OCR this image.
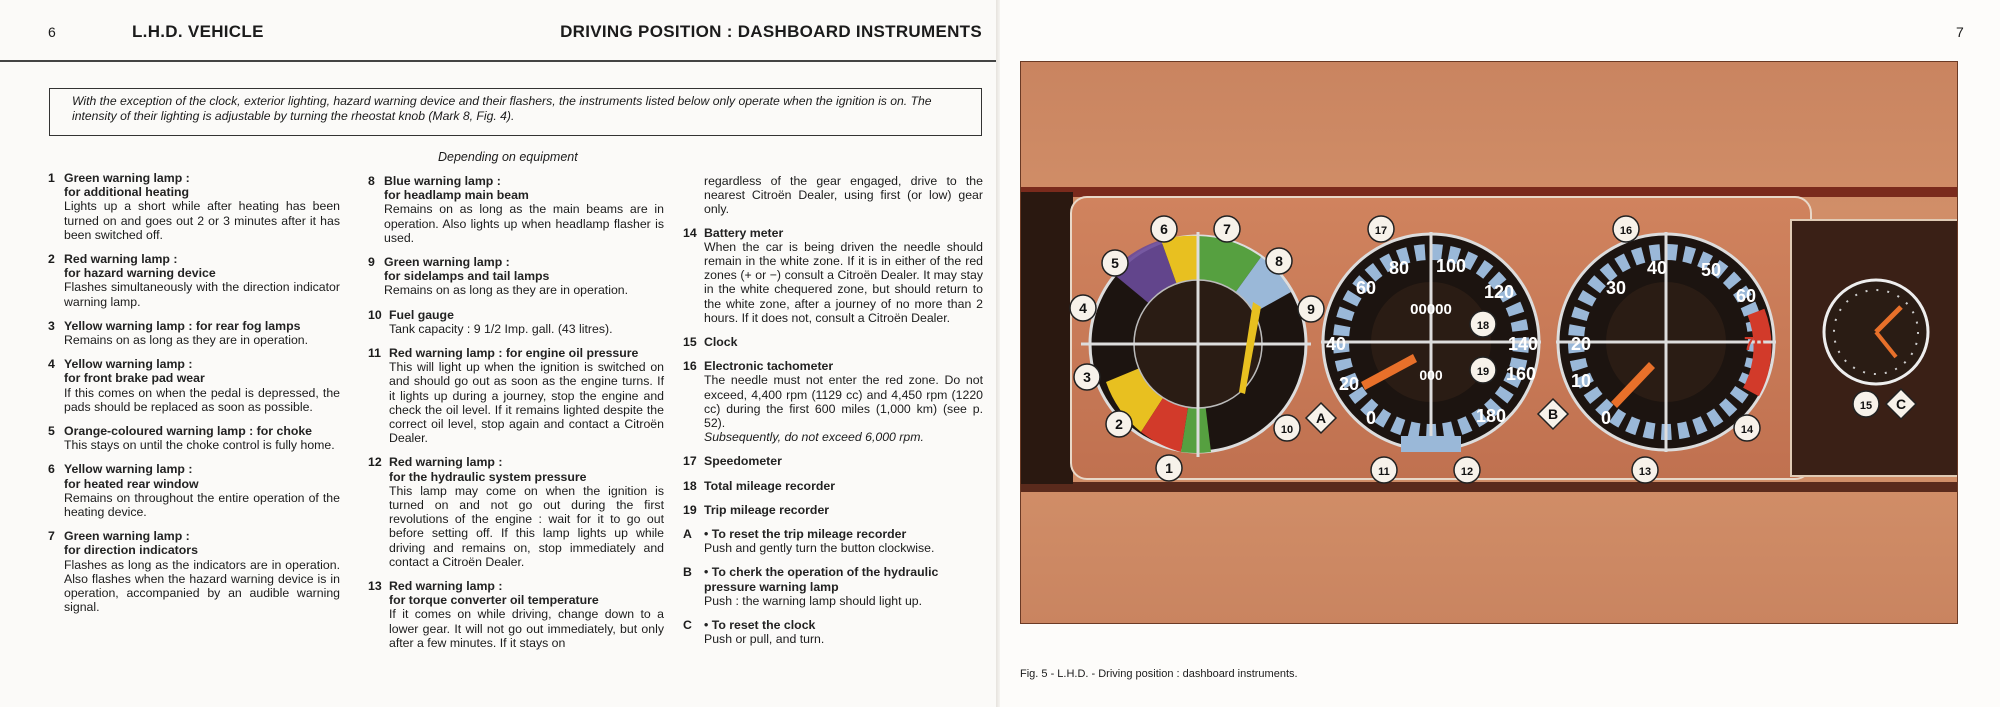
6	L.H.D. VEHICLE	DRIVING POSITION : DASHBOARD INSTRUMENTS
With the exception of the clock, exterior lighting, hazard warning device and their flashers, the instruments listed below only operate when the ignition is on. The intensity of their lighting is adjustable by turning the rheostat knob (Mark 8, Fig. 4).
Depending on equipment
1 Green warning lamp :
for additional heating
Lights up a short while after heating has been turned on and goes out 2 or 3 minutes after it has been switched off.
2 Red warning lamp :
for hazard warning device
Flashes simultaneously with the direction indicator warning lamp.
3 Yellow warning lamp : for rear fog lamps
Remains on as long as they are in operation.
4 Yellow warning lamp :
for front brake pad wear
If this comes on when the pedal is depressed, the pads should be replaced as soon as possible.
5 Orange-coloured warning lamp : for choke
This stays on until the choke control is fully home.
6 Yellow warning lamp :
for heated rear window
Remains on throughout the entire operation of the heating device.
7 Green warning lamp :
for direction indicators
Flashes as long as the indicators are in operation. Also flashes when the hazard warning device is in operation, accompanied by an audible warning signal.
8 Blue warning lamp :
for headlamp main beam
Remains on as long as the main beams are in operation. Also lights up when headlamp flasher is used.
9 Green warning lamp :
for sidelamps and tail lamps
Remains on as long as they are in operation.
10 Fuel gauge
Tank capacity : 9 1/2 Imp. gall. (43 litres).
11 Red warning lamp : for engine oil pressure
This will light up when the ignition is switched on and should go out as soon as the engine turns. If it lights up during a journey, stop the engine and check the oil level. If it remains lighted despite the correct oil level, stop again and contact a Citroën Dealer.
12 Red warning lamp :
for the hydraulic system pressure
This lamp may come on when the ignition is turned on and not go out during the first revolutions of the engine : wait for it to go out before setting off. If this lamp lights up while driving and remains on, stop immediately and contact a Citroën Dealer.
13 Red warning lamp :
for torque converter oil temperature
If it comes on while driving, change down to a lower gear. It will not go out immediately, but only after a few minutes. If it stays on
regardless of the gear engaged, drive to the nearest Citroën Dealer, using first (or low) gear only.
14 Battery meter
When the car is being driven the needle should remain in the white zone. If it is in either of the red zones (+ or −) consult a Citroën Dealer. It may stay in the white chequered zone, but should return to the white zone, after a journey of no more than 2 hours. If it does not, consult a Citroën Dealer.
15 Clock
16 Electronic tachometer
The needle must not enter the red zone. Do not exceed, 4,400 rpm (1129 cc) and 4,450 rpm (1220 cc) during the first 600 miles (1,000 km) (see p. 52).
Subsequently, do not exceed 6,000 rpm.
17 Speedometer
18 Total mileage recorder
19 Trip mileage recorder
A • To reset the trip mileage recorder
Push and gently turn the button clockwise.
B • To cherk the operation of the hydraulic pressure warning lamp
Push : the warning lamp should light up.
C • To reset the clock
Push or pull, and turn.
7
40
60
80 100
120
140
160
180
0
20
20
30
40 50
60
70
10
0
1
2
3
4
5
6	7
8
9
10
11	12	13
14
15
16
17
18
19
A	B
C
00000
000
Fig. 5 - L.H.D. - Driving position : dashboard instruments.
